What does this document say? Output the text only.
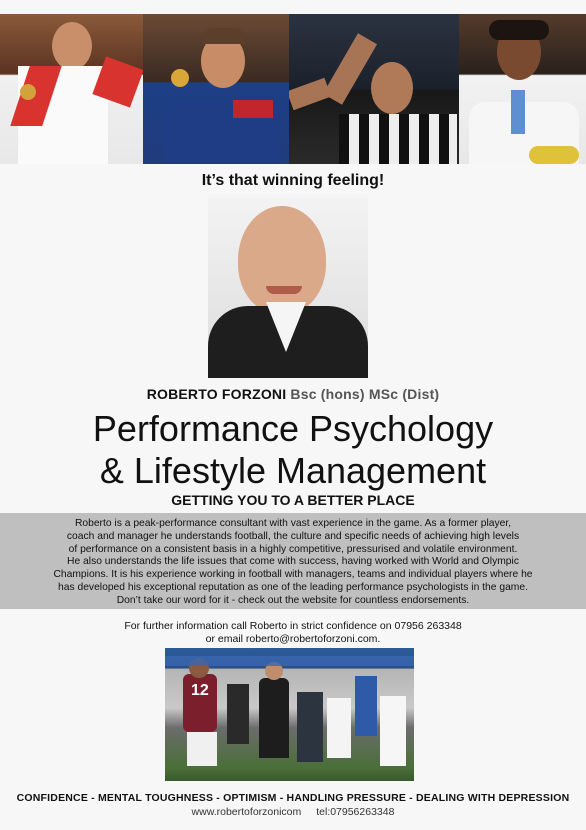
It’s that winning feeling!
ROBERTO FORZONI Bsc (hons) MSc (Dist)
Performance Psychology
& Lifestyle Management
GETTING YOU TO A BETTER PLACE
Roberto is a peak-performance consultant with vast experience in the game. As a former player,
coach and manager he understands football, the culture and specific needs of achieving high levels
of performance on a consistent basis in a highly competitive, pressurised and volatile environment.
He also understands the life issues that come with success, having worked with World and Olympic
Champions. It is his experience working in football with managers, teams and individual players where he
has developed his exceptional reputation as one of the leading performance psychologists in the game.
Don’t take our word for it - check out the website for countless endorsements.
For further information call Roberto in strict confidence on 07956 263348
or email roberto@robertoforzoni.com.
12
CONFIDENCE - MENTAL TOUGHNESS - OPTIMISM - HANDLING PRESSURE - DEALING WITH DEPRESSION
www.robertoforzonicom tel:07956263348
